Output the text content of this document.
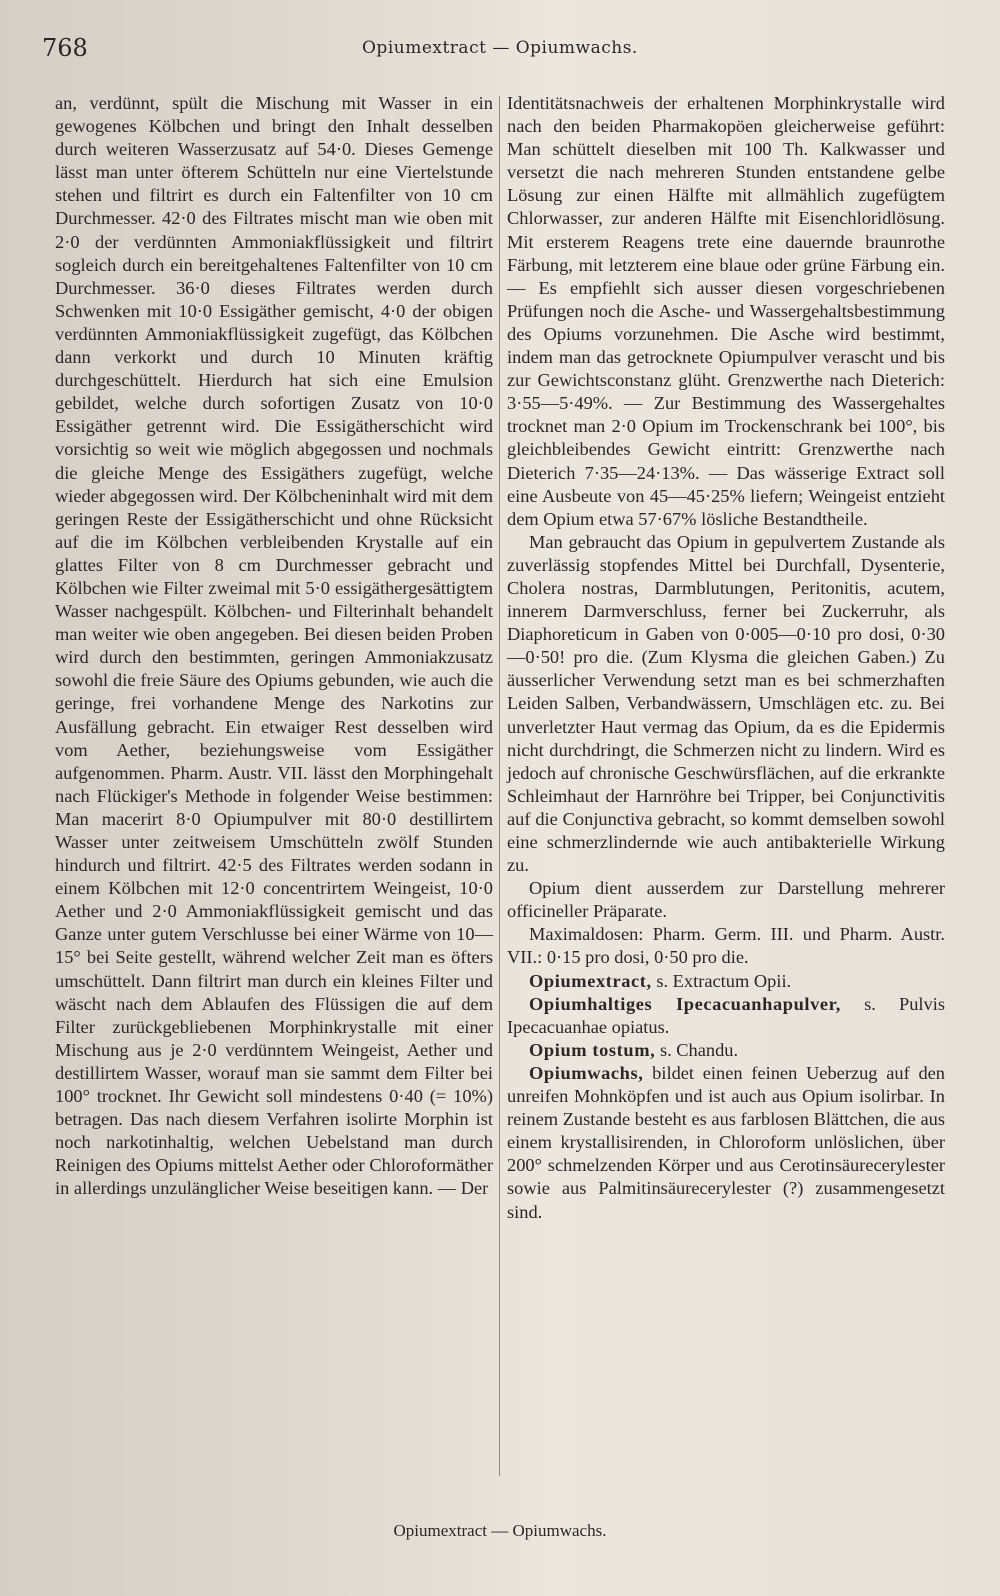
768	Opiumextract — Opiumwachs.

an, verdünnt, spült die Mischung mit Wasser in ein gewogenes Kölbchen und bringt den Inhalt desselben durch weiteren Wasserzusatz auf 54·0. Dieses Gemenge lässt man unter öfterem Schütteln nur eine Viertelstunde stehen und filtrirt es durch ein Faltenfilter von 10 cm Durchmesser. 42·0 des Filtrates mischt man wie oben mit 2·0 der verdünnten Ammoniakflüssigkeit und filtrirt sogleich durch ein bereitgehaltenes Faltenfilter von 10 cm Durchmesser. 36·0 dieses Filtrates werden durch Schwenken mit 10·0 Essigäther gemischt, 4·0 der obigen verdünnten Ammoniakflüssigkeit zugefügt, das Kölbchen dann verkorkt und durch 10 Minuten kräftig durchgeschüttelt. Hierdurch hat sich eine Emulsion gebildet, welche durch sofortigen Zusatz von 10·0 Essigäther getrennt wird. Die Essigätherschicht wird vorsichtig so weit wie möglich abgegossen und nochmals die gleiche Menge des Essigäthers zugefügt, welche wieder abgegossen wird. Der Kölbcheninhalt wird mit dem geringen Reste der Essigätherschicht und ohne Rücksicht auf die im Kölbchen verbleibenden Krystalle auf ein glattes Filter von 8 cm Durchmesser gebracht und Kölbchen wie Filter zweimal mit 5·0 essigäthergesättigtem Wasser nachgespült. Kölbchen- und Filterinhalt behandelt man weiter wie oben angegeben. Bei diesen beiden Proben wird durch den bestimmten, geringen Ammoniakzusatz sowohl die freie Säure des Opiums gebunden, wie auch die geringe, frei vorhandene Menge des Narkotins zur Ausfällung gebracht. Ein etwaiger Rest desselben wird vom Aether, beziehungsweise vom Essigäther aufgenommen. Pharm. Austr. VII. lässt den Morphingehalt nach Flückiger's Methode in folgender Weise bestimmen: Man macerirt 8·0 Opiumpulver mit 80·0 destillirtem Wasser unter zeitweisem Umschütteln zwölf Stunden hindurch und filtrirt. 42·5 des Filtrates werden sodann in einem Kölbchen mit 12·0 concentrirtem Weingeist, 10·0 Aether und 2·0 Ammoniakflüssigkeit gemischt und das Ganze unter gutem Verschlusse bei einer Wärme von 10—15° bei Seite gestellt, während welcher Zeit man es öfters umschüttelt. Dann filtrirt man durch ein kleines Filter und wäscht nach dem Ablaufen des Flüssigen die auf dem Filter zurückgebliebenen Morphinkrystalle mit einer Mischung aus je 2·0 verdünntem Weingeist, Aether und destillirtem Wasser, worauf man sie sammt dem Filter bei 100° trocknet. Ihr Gewicht soll mindestens 0·40 (= 10%) betragen. Das nach diesem Verfahren isolirte Morphin ist noch narkotinhaltig, welchen Uebelstand man durch Reinigen des Opiums mittelst Aether oder Chloroformäther in allerdings unzulänglicher Weise beseitigen kann. — Der

Identitätsnachweis der erhaltenen Morphinkrystalle wird nach den beiden Pharmakopöen gleicherweise geführt: Man schüttelt dieselben mit 100 Th. Kalkwasser und versetzt die nach mehreren Stunden entstandene gelbe Lösung zur einen Hälfte mit allmählich zugefügtem Chlorwasser, zur anderen Hälfte mit Eisenchloridlösung. Mit ersterem Reagens trete eine dauernde braunrothe Färbung, mit letzterem eine blaue oder grüne Färbung ein. — Es empfiehlt sich ausser diesen vorgeschriebenen Prüfungen noch die Asche- und Wassergehaltsbestimmung des Opiums vorzunehmen. Die Asche wird bestimmt, indem man das getrocknete Opiumpulver verascht und bis zur Gewichtsconstanz glüht. Grenzwerthe nach Dieterich: 3·55—5·49%. — Zur Bestimmung des Wassergehaltes trocknet man 2·0 Opium im Trockenschrank bei 100°, bis gleichbleibendes Gewicht eintritt: Grenzwerthe nach Dieterich 7·35—24·13%. — Das wässerige Extract soll eine Ausbeute von 45—45·25% liefern; Weingeist entzieht dem Opium etwa 57·67% lösliche Bestandtheile.

Man gebraucht das Opium in gepulvertem Zustande als zuverlässig stopfendes Mittel bei Durchfall, Dysenterie, Cholera nostras, Darmblutungen, Peritonitis, acutem, innerem Darmverschluss, ferner bei Zuckerruhr, als Diaphoreticum in Gaben von 0·005—0·10 pro dosi, 0·30—0·50! pro die. (Zum Klysma die gleichen Gaben.) Zu äusserlicher Verwendung setzt man es bei schmerzhaften Leiden Salben, Verbandwässern, Umschlägen etc. zu. Bei unverletzter Haut vermag das Opium, da es die Epidermis nicht durchdringt, die Schmerzen nicht zu lindern. Wird es jedoch auf chronische Geschwürsflächen, auf die erkrankte Schleimhaut der Harnröhre bei Tripper, bei Conjunctivitis auf die Conjunctiva gebracht, so kommt demselben sowohl eine schmerzlindernde wie auch antibakterielle Wirkung zu.

Opium dient ausserdem zur Darstellung mehrerer officineller Präparate.

Maximaldosen: Pharm. Germ. III. und Pharm. Austr. VII.: 0·15 pro dosi, 0·50 pro die.

Opiumextract, s. Extractum Opii.

Opiumhaltiges Ipecacuanhapulver, s. Pulvis Ipecacuanhae opiatus.

Opium tostum, s. Chandu.

Opiumwachs, bildet einen feinen Ueberzug auf den unreifen Mohnköpfen und ist auch aus Opium isolirbar. In reinem Zustande besteht es aus farblosen Blättchen, die aus einem krystallisirenden, in Chloroform unlöslichen, über 200° schmelzenden Körper und aus Cerotinsäurecerylester sowie aus Palmitinsäurecerylester (?) zusammengesetzt sind.

Opiumextract — Opiumwachs.
